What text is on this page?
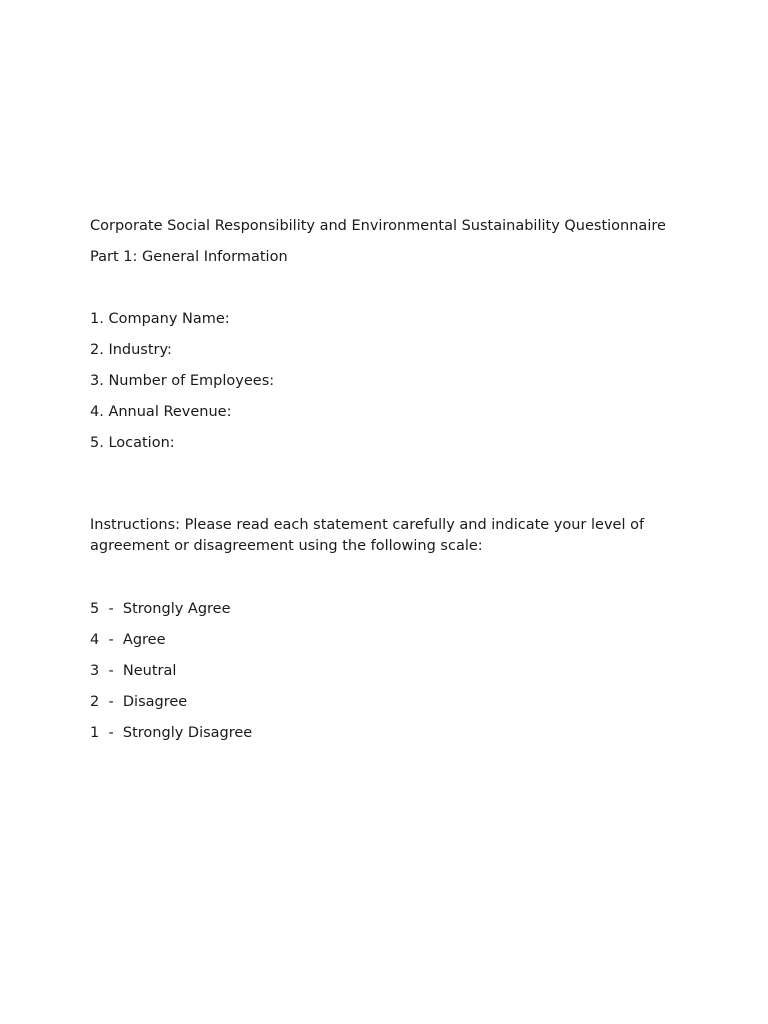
Corporate Social Responsibility and Environmental Sustainability Questionnaire
Part 1: General Information
1. Company Name:
2. Industry:
3. Number of Employees:
4. Annual Revenue:
5. Location:

Instructions: Please read each statement carefully and indicate your level of agreement or disagreement using the following scale:

5  -  Strongly Agree
4  -  Agree
3  -  Neutral
2  -  Disagree
1  -  Strongly Disagree
